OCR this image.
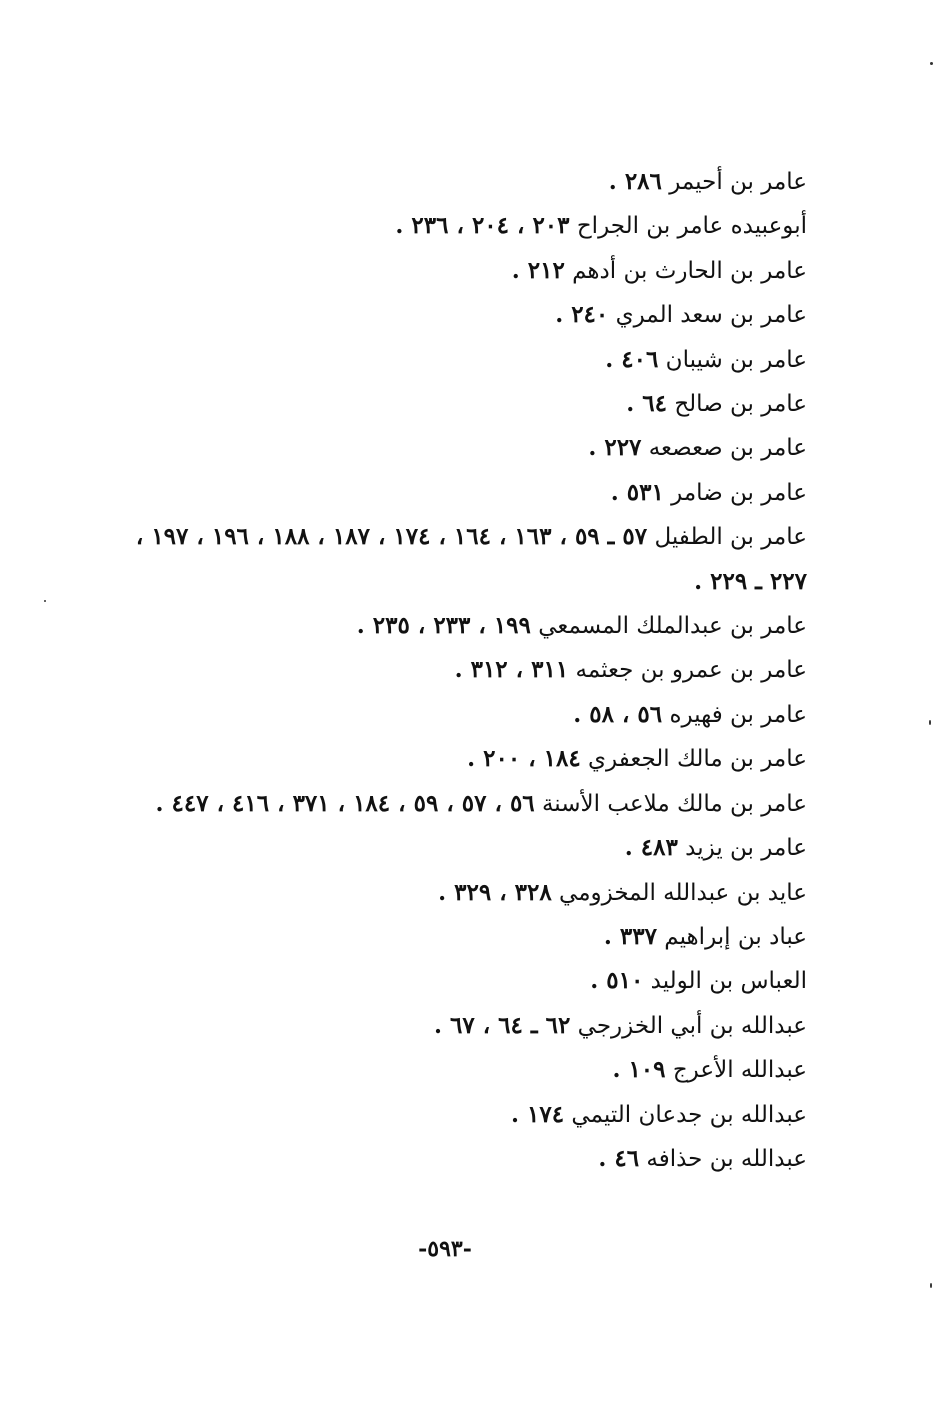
عامر بن أحيمر ٢٨٦ .
أبوعبيده عامر بن الجراح ٢٠٣ ، ٢٠٤ ، ٢٣٦ .
عامر بن الحارث بن أدهم ٢١٢ .
عامر بن سعد المري ٢٤٠ .
عامر بن شيبان ٤٠٦ .
عامر بن صالح ٦٤ .
عامر بن صعصعه ٢٢٧ .
عامر بن ضامر ٥٣١ .
عامر بن الطفيل ٥٧ ـ ٥٩ ، ١٦٣ ، ١٦٤ ، ١٧٤ ، ١٨٧ ، ١٨٨ ، ١٩٦ ، ١٩٧ ، ٢٢٧ ـ ٢٢٩ .
عامر بن عبدالملك المسمعي ١٩٩ ، ٢٣٣ ، ٢٣٥ .
عامر بن عمرو بن جعثمه ٣١١ ، ٣١٢ .
عامر بن فهيره ٥٦ ، ٥٨ .
عامر بن مالك الجعفري ١٨٤ ، ٢٠٠ .
عامر بن مالك ملاعب الأسنة ٥٦ ، ٥٧ ، ٥٩ ، ١٨٤ ، ٣٧١ ، ٤١٦ ، ٤٤٧ .
عامر بن يزيد ٤٨٣ .
عايد بن عبدالله المخزومي ٣٢٨ ، ٣٢٩ .
عباد بن إبراهيم ٣٣٧ .
العباس بن الوليد ٥١٠ .
عبدالله بن أبي الخزرجي ٦٢ ـ ٦٤ ، ٦٧ .
عبدالله الأعرج ١٠٩ .
عبدالله بن جدعان التيمي ١٧٤ .
عبدالله بن حذافه ٤٦ .
-٥٩٣-
